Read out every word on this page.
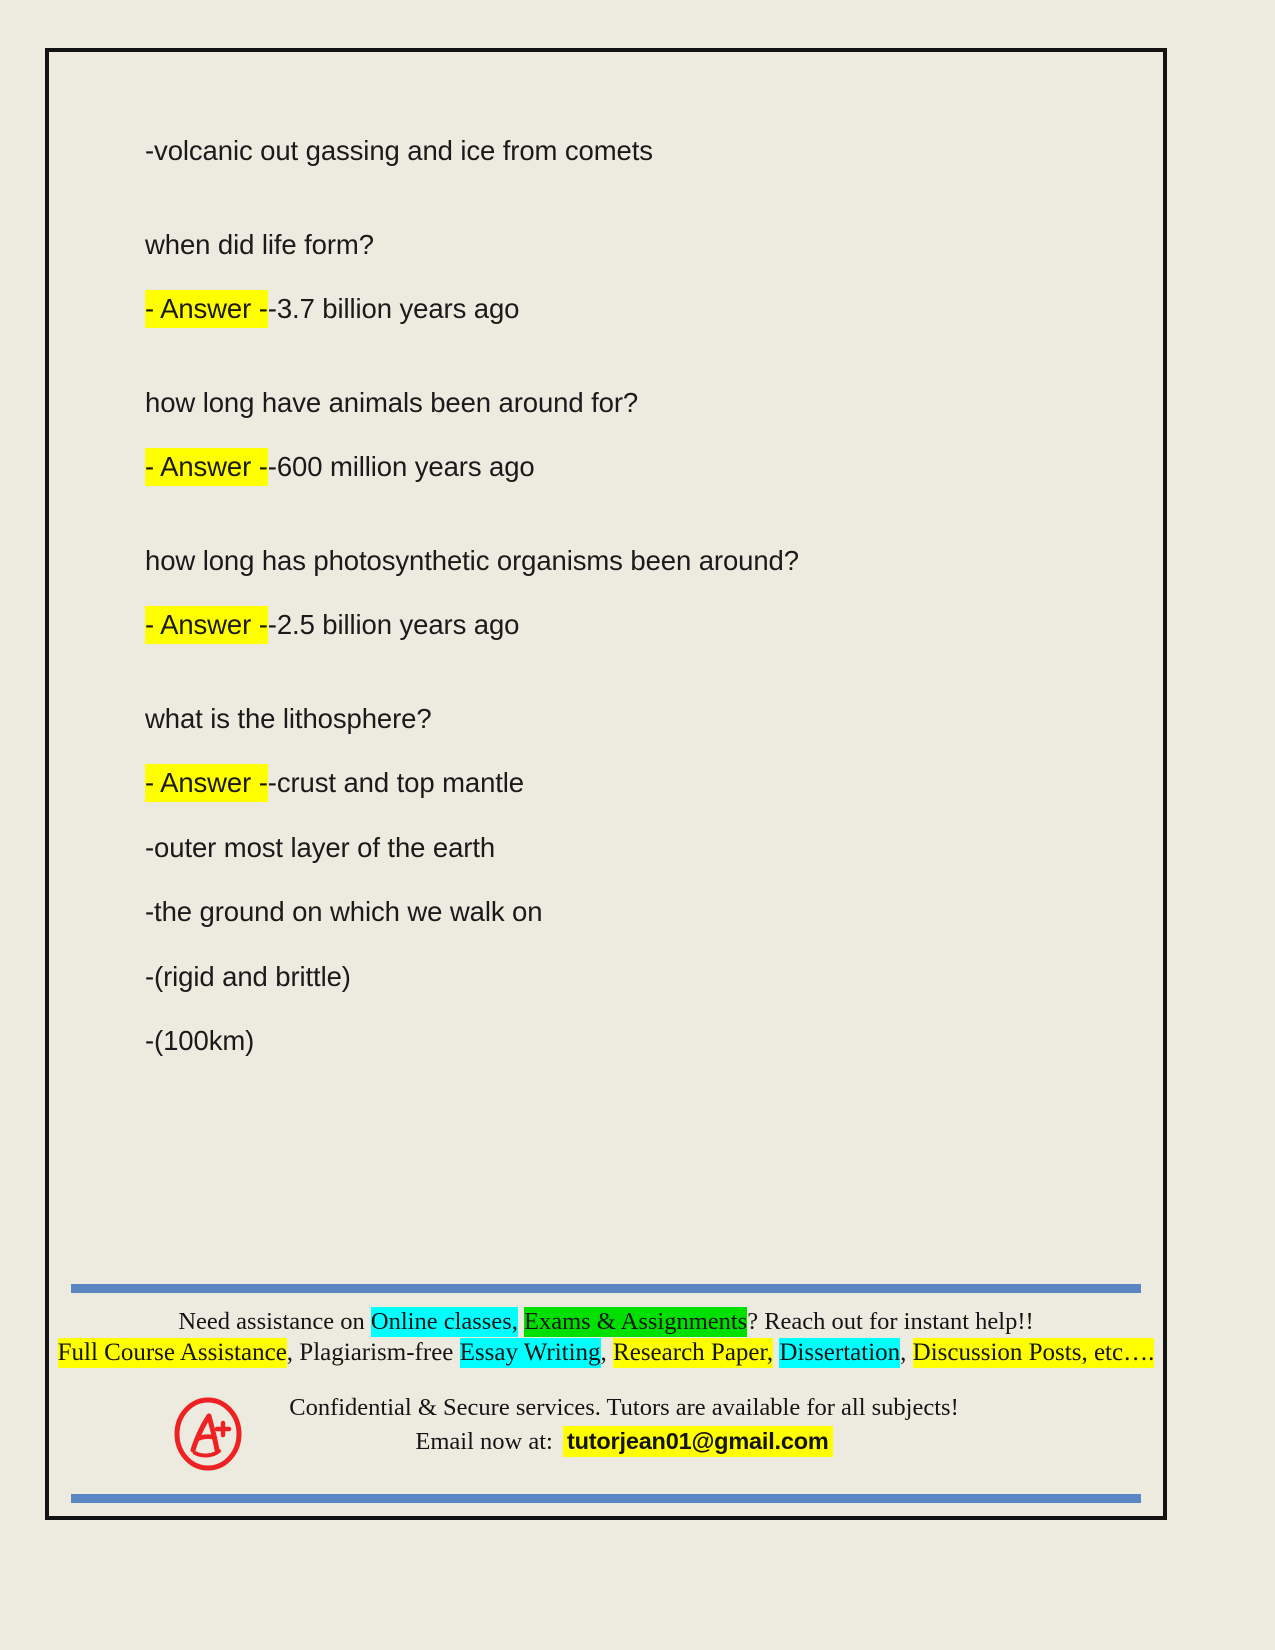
-volcanic out gassing and ice from comets
when did life form?
- Answer --3.7 billion years ago
how long have animals been around for?
- Answer --600 million years ago
how long has photosynthetic organisms been around?
- Answer --2.5 billion years ago
what is the lithosphere?
- Answer --crust and top mantle
-outer most layer of the earth
-the ground on which we walk on
-(rigid and brittle)
-(100km)
Need assistance on Online classes, Exams & Assignments? Reach out for instant help!!
Full Course Assistance, Plagiarism-free Essay Writing, Research Paper, Dissertation, Discussion Posts, etc….
Confidential & Secure services. Tutors are available for all subjects!
Email now at: tutorjean01@gmail.com
